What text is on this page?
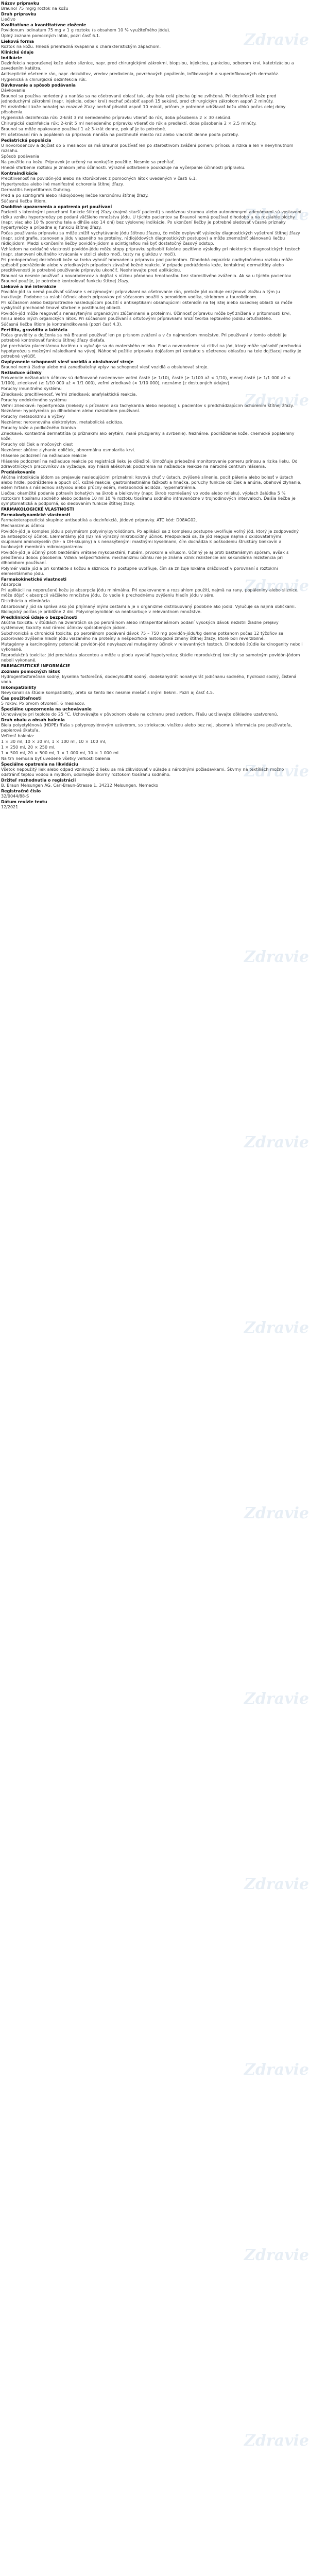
Názov prípravku

Braunol 75 mg/g roztok na kožu

Druh prípravku

Liečivo

Kvalitatívne a kvantitatívne zloženie

Povidonum iodinatum 75 mg v 1 g roztoku (s obsahom 10 % využiteľného jódu).

Úplný zoznam pomocných látok, pozri časť 6.1.

Lieková forma

Roztok na kožu. Hnedá priehľadná kvapalina s charakteristickým zápachom.

Klinické údaje
Indikácie

Dezinfekcia neporušenej kože alebo sliznice, napr. pred chirurgickými zákrokmi, biopsiou, injekciou, punkciou, odberom krvi, katetrizáciou a zavedením katétra.

Antiseptické ošetrenie rán, napr. dekubitov, vredov predkolenia, povrchových popálenín, infikovaných a superinfikovaných dermatóz.

Hygienická a chirurgická dezinfekcia rúk.

Dávkovanie a spôsob podávania

Dávkovanie

Braunol sa používa neriedený a nanáša sa na ošetrovanú oblasť tak, aby bola celá plocha úplne zvlhčená. Pri dezinfekcii kože pred jednoduchými zákrokmi (napr. injekcie, odber krvi) nechať pôsobiť aspoň 15 sekúnd, pred chirurgickým zákrokom aspoň 2 minúty.

Pri dezinfekcii kože bohatej na mazové žľazy nechať pôsobiť aspoň 10 minút, pričom je potrebné udržiavať kožu vlhkú počas celej doby pôsobenia.

Hygienická dezinfekcia rúk: 2-krát 3 ml neriedeného prípravku vtierať do rúk, doba pôsobenia 2 × 30 sekúnd.

Chirurgická dezinfekcia rúk: 2-krát 5 ml neriedeného prípravku vtierať do rúk a predlaktí, doba pôsobenia 2 × 2,5 minúty.

Braunol sa môže opakovane používať 1 až 3-krát denne, pokiaľ je to potrebné.

Pri ošetrovaní rán a popálenín sa prípravok nanáša na postihnuté miesto raz alebo viackrát denne podľa potreby.

Pediatrická populácia

U novorodencov a dojčiat do 6 mesiacov sa má Braunol používať len po starostlivom zvážení pomeru prínosu a rizika a len v nevyhnutnom rozsahu.

Spôsob podávania

Na použitie na kožu. Prípravok je určený na vonkajšie použitie. Nesmie sa prehĺtať.

Hnedé sfarbenie roztoku je znakom jeho účinnosti. Výrazné odfarbenie poukazuje na vyčerpanie účinnosti prípravku.

Kontraindikácie

Precitlivenosť na povidón-jód alebo na ktorúkoľvek z pomocných látok uvedených v časti 6.1.

Hypertyreóza alebo iné manifestné ochorenia štítnej žľazy.

Dermatitis herpetiformis Duhring.

Pred a po scintigrafii alebo rádiojódovej liečbe karcinómu štítnej žľazy.

Súčasná liečba lítiom.

Osobitné upozornenia a opatrenia pri používaní

Pacienti s latentnými poruchami funkcie štítnej žľazy (najmä starší pacienti) s nodóznou strumou alebo autonómnymi adenómami sú vystavení riziku vzniku hypertyreózy po podaní väčšieho množstva jódu. U týchto pacientov sa Braunol nemá používať dlhodobo a na rozsiahle plochy (napr. viac ako 10 % povrchu tela a dlhšie ako 14 dní) bez výslovnej indikácie. Po ukončení liečby je potrebné sledovať včasné príznaky hypertyreózy a prípadne aj funkciu štítnej žľazy.

Počas používania prípravku sa môže znížiť vychytávanie jódu štítnou žľazou, čo môže ovplyvniť výsledky diagnostických vyšetrení štítnej žľazy (napr. scintigrafie, stanovenia jódu viazaného na proteíny, rádiojódových diagnostických postupov) a môže znemožniť plánovanú liečbu rádiojódom. Medzi ukončením liečby povidón-jódom a scintigrafiou má byť dostatočný časový odstup.

Vzhľadom na oxidačné vlastnosti povidón-jódu môžu stopy prípravku spôsobiť falošne pozitívne výsledky pri niektorých diagnostických testoch (napr. stanovení okultného krvácania v stolici alebo moči, testy na glukózu v moči).

Pri predoperačnej dezinfekcii kože sa treba vyhnúť hromadeniu prípravku pod pacientom. Dlhodobá expozícia nadbytočnému roztoku môže spôsobiť podráždenie alebo v zriedkavých prípadoch závažné kožné reakcie. V prípade podráždenia kože, kontaktnej dermatitídy alebo precitlivenosti je potrebné používanie prípravku ukončiť. Neohrievajte pred aplikáciou.

Braunol sa nesmie používať u novorodencov a dojčiat s nízkou pôrodnou hmotnosťou bez starostlivého zváženia. Ak sa u týchto pacientov Braunol použije, je potrebné kontrolovať funkciu štítnej žľazy.

Liekové a iné interakcie

Povidón-jód sa nemá používať súčasne s enzýmovými prípravkami na ošetrovanie rán, pretože jód oxiduje enzýmovú zložku a tým ju inaktivuje. Podobne sa oslabí účinok oboch prípravkov pri súčasnom použití s peroxidom vodíka, striebrom a taurolidínom.

Pri súčasnom alebo bezprostredne nasledujúcom použití s antiseptikami obsahujúcimi oktenidín na tej istej alebo susednej oblasti sa môže vyskytnúť prechodné tmavé sfarbenie postihnutej oblasti.

Povidón-jód môže reagovať s nenasýtenými organickými zlúčeninami a proteínmi. Účinnosť prípravku môže byť znížená v prítomnosti krvi, hnisu alebo iných organických látok. Pri súčasnom používaní s ortuťovými prípravkami hrozí tvorba leptavého jodidu ortuťnatého.

Súčasná liečba lítiom je kontraindikovaná (pozri časť 4.3).

Fertilita, gravidita a laktácia

Počas gravidity a dojčenia sa má Braunol používať len po prísnom zvážení a v čo najmenšom množstve. Pri používaní v tomto období je potrebné kontrolovať funkciu štítnej žľazy dieťaťa.

Jód prechádza placentárnou bariérou a vylučuje sa do materského mlieka. Plod a novorodenec sú citliví na jód, ktorý môže spôsobiť prechodnú hypotyreózu s možnými následkami na vývoj. Náhodné požitie prípravku dojčaťom pri kontakte s ošetrenou oblasťou na tele dojčiacej matky je potrebné vylúčiť.

Ovplyvnenie schopnosti viesť vozidlá a obsluhovať stroje

Braunol nemá žiadny alebo má zanedbateľný vplyv na schopnosť viesť vozidlá a obsluhovať stroje.

Nežiaduce účinky

Frekvencie nežiaducich účinkov sú definované nasledovne: veľmi časté (≥ 1/10), časté (≥ 1/100 až < 1/10), menej časté (≥ 1/1 000 až < 1/100), zriedkavé (≥ 1/10 000 až < 1/1 000), veľmi zriedkavé (< 1/10 000), neznáme (z dostupných údajov).

Poruchy imunitného systému

Zriedkavé: precitlivenosť. Veľmi zriedkavé: anafylaktická reakcia.

Poruchy endokrinného systému

Veľmi zriedkavé: hypertyreóza (niekedy s príznakmi ako tachykardia alebo nepokoj) u pacientov s predchádzajúcim ochorením štítnej žľazy. Neznáme: hypotyreóza po dlhodobom alebo rozsiahlom používaní.

Poruchy metabolizmu a výživy

Neznáme: nerovnováha elektrolytov, metabolická acidóza.

Poruchy kože a podkožného tkaniva

Zriedkavé: kontaktná dermatitída (s príznakmi ako erytém, malé pľuzgieriky a svrbenie). Neznáme: podráždenie kože, chemické popáleniny kože.

Poruchy obličiek a močových ciest

Neznáme: akútne zlyhanie obličiek, abnormálna osmolarita krvi.

Hlásenie podozrení na nežiaduce reakcie

Hlásenie podozrení na nežiaduce reakcie po registrácii lieku je dôležité. Umožňuje priebežné monitorovanie pomeru prínosu a rizika lieku. Od zdravotníckych pracovníkov sa vyžaduje, aby hlásili akékoľvek podozrenia na nežiaduce reakcie na národné centrum hlásenia.

Predávkovanie

Akútna intoxikácia jódom sa prejavuje nasledujúcimi príznakmi: kovová chuť v ústach, zvýšené slinenie, pocit pálenia alebo bolesť v ústach alebo hrdle, podráždenie a opuch očí, kožné reakcie, gastrointestinálne ťažkosti a hnačka, poruchy funkcie obličiek a anúria, obehové zlyhanie, edém hrtana s následnou asfyxiou alebo pľúcny edém, metabolická acidóza, hypernatriémia.

Liečba: okamžité podanie potravín bohatých na škrob a bielkoviny (napr. škrob rozmiešaný vo vode alebo mlieku), výplach žalúdka 5 % roztokom tiosíranu sodného alebo podanie 10 ml 10 % roztoku tiosíranu sodného intravenózne v trojhodinových intervaloch. Ďalšia liečba je symptomatická a podporná, so sledovaním funkcie štítnej žľazy.

FARMAKOLOGICKÉ VLASTNOSTI
Farmakodynamické vlastnosti

Farmakoterapeutická skupina: antiseptiká a dezinfekciá, jódové prípravky. ATC kód: D08AG02.

Mechanizmus účinku

Povidón-jód je komplex jódu s polymérom polyvinylpyrolidónom. Po aplikácii sa z komplexu postupne uvoľňuje voľný jód, ktorý je zodpovedný za antiseptický účinok. Elementárny jód (I2) má výrazný mikrobicídny účinok. Predpokladá sa, že jód reaguje najmä s oxidovateľnými skupinami aminokyselín (SH- a OH-skupiny) a s nenasýtenými mastnými kyselinami, čím dochádza k poškodeniu štruktúry bielkovín a bunkových membrán mikroorganizmov.

Povidón-jód je účinný proti baktériám vrátane mykobaktérií, hubám, prvokom a vírusom. Účinný je aj proti bakteriálnym spóram, avšak s predĺženou dobou pôsobenia. Vďaka nešpecifickému mechanizmu účinku nie je známa vznik rezistencie ani sekundárna rezistencia pri dlhodobom používaní.

Polymér viaže jód a pri kontakte s kožou a sliznicou ho postupne uvoľňuje, čím sa znižuje lokálna dráždivosť v porovnaní s roztokmi elementárneho jódu.

Farmakokinetické vlastnosti

Absorpcia

Pri aplikácii na neporušenú kožu je absorpcia jódu minimálna. Pri opakovanom a rozsiahlom použití, najmä na rany, popáleniny alebo sliznice, môže dôjsť k absorpcii väčšieho množstva jódu, čo vedie k prechodnému zvýšeniu hladín jódu v sére.

Distribúcia a eliminácia

Absorbovaný jód sa správa ako jód prijímaný inými cestami a je v organizme distribuovaný podobne ako jodid. Vylučuje sa najmä obličkami. Biologický polčas je približne 2 dni. Polyvinylpyrolidón sa neabsorbuje v relevantnom množstve.

Predklinické údaje o bezpečnosti

Akútna toxicita: v štúdiách na zvieratách sa po perorálnom alebo intraperitoneálnom podaní vysokých dávok nezistili žiadne prejavy systémovej toxicity nad rámec účinkov spôsobených jódom.

Subchronická a chronická toxicita: po perorálnom podávaní dávok 75 – 750 mg povidón-jódu/kg denne potkanom počas 12 týždňov sa pozorovalo zvýšenie hladín jódu viazaného na proteíny a nešpecifické histologické zmeny štítnej žľazy, ktoré boli reverzibilné.

Mutagénny a karcinogénny potenciál: povidón-jód nevykazoval mutagénny účinok v relevantných testoch. Dlhodobé štúdie karcinogenity neboli vykonané.

Reprodukčná toxicita: jód prechádza placentou a môže u plodu vyvolať hypotyreózu; štúdie reprodukčnej toxicity so samotným povidón-jódom neboli vykonané.

FARMACEUTICKÉ INFORMÁCIE
Zoznam pomocných látok

Hydrogenfosforečnan sodný, kyselina fosforečná, dodecylsulfát sodný, dodekahydrát nonahydrát jodičnanu sodného, hydroxid sodný, čistená voda.

Inkompatibility

Nevykonali sa štúdie kompatibility, preto sa tento liek nesmie miešať s inými liekmi. Pozri aj časť 4.5.

Čas použiteľnosti

5 rokov. Po prvom otvorení: 6 mesiacov.

Špeciálne upozornenia na uchovávanie

Uchovávajte pri teplote do 25 °C. Uchovávajte v pôvodnom obale na ochranu pred svetlom. Fľašu udržiavajte dôkladne uzatvorenú.

Druh obalu a obsah balenia

Biela polyetylénová (HDPE) fľaša s polypropylénovým uzáverom, so striekacou vložkou alebo bez nej, písomná informácia pre používateľa, papierová škatuľa.

Veľkosť balenia:

1 × 30 ml, 10 × 30 ml, 1 × 100 ml, 10 × 100 ml,

1 × 250 ml, 20 × 250 ml,

1 × 500 ml, 20 × 500 ml, 1 × 1 000 ml, 10 × 1 000 ml.

Na trh nemusia byť uvedené všetky veľkosti balenia.

Špeciálne opatrenia na likvidáciu

Všetok nepoužitý liek alebo odpad vzniknutý z lieku sa má zlikvidovať v súlade s národnými požiadavkami. Škvrny na textíliách možno odstrániť teplou vodou a mydlom, odolnejšie škvrny roztokom tiosíranu sodného.

Držiteľ rozhodnutia o registrácii

B. Braun Melsungen AG, Carl-Braun-Strasse 1, 34212 Melsungen, Nemecko

Registračné číslo

32/0044/88-S

Dátum revízie textu

12/2021

Zdravie
Zdravie
Zdravie
Zdravie
Zdravie
Zdravie
Zdravie
Zdravie
Zdravie
Zdravie
Zdravie
Zdravie
Zdravie
Zdravie
